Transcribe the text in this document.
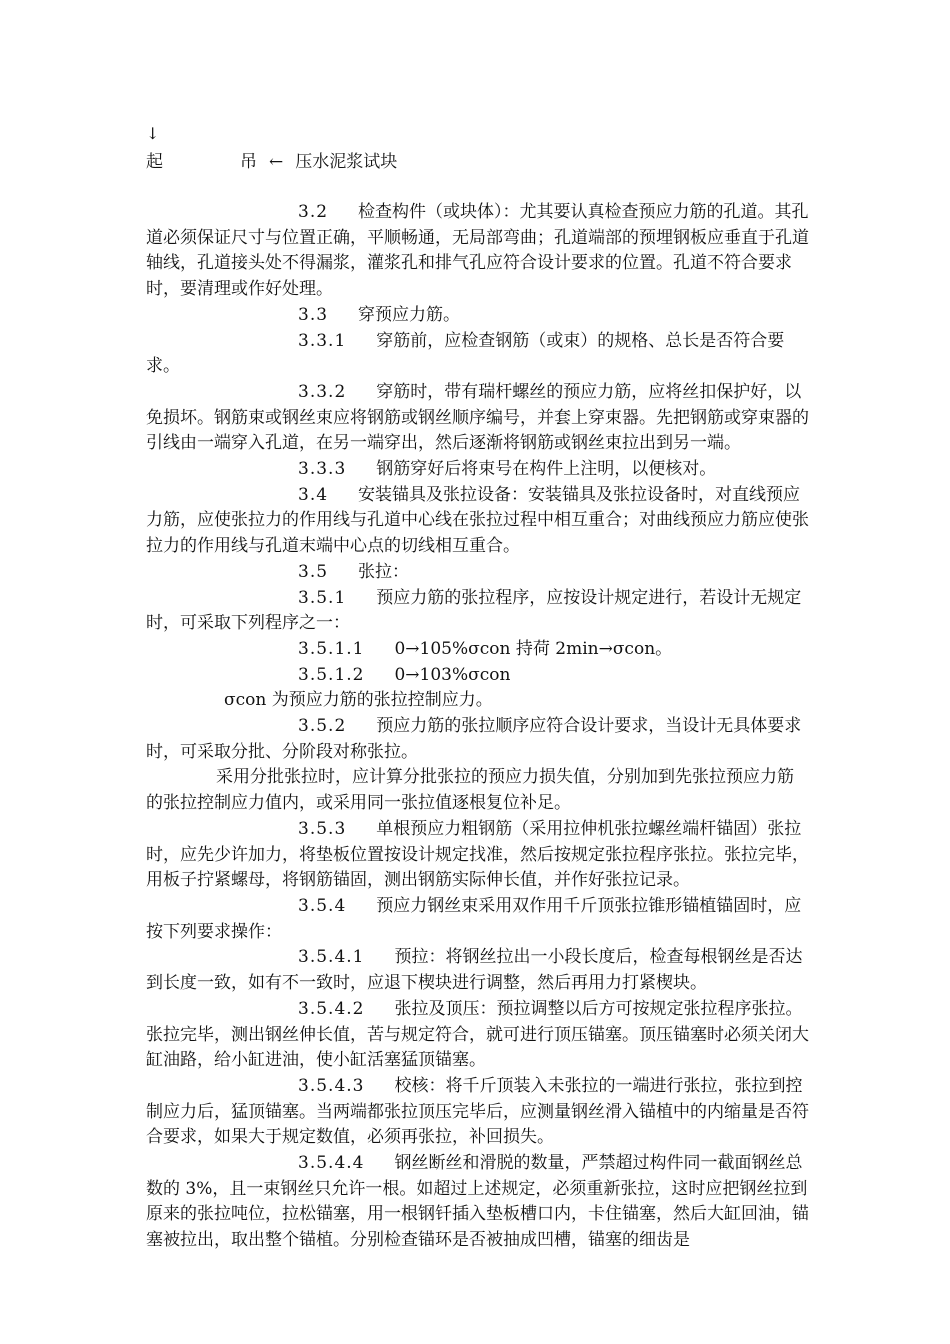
↓
起	吊 ← 压水泥浆试块

3.2 检查构件（或块体）：尤其要认真检查预应力筋的孔道。其孔道必须保证尺寸与位置正确，平顺畅通，无局部弯曲；孔道端部的预埋钢板应垂直于孔道轴线，孔道接头处不得漏浆，灌浆孔和排气孔应符合设计要求的位置。孔道不符合要求时，要清理或作好处理。

3.3 穿预应力筋。

3.3.1 穿筋前，应检查钢筋（或束）的规格、总长是否符合要求。

3.3.2 穿筋时，带有瑞杆螺丝的预应力筋，应将丝扣保护好，以免损坏。钢筋束或钢丝束应将钢筋或钢丝顺序编号，并套上穿束器。先把钢筋或穿束器的引线由一端穿入孔道，在另一端穿出，然后逐渐将钢筋或钢丝束拉出到另一端。

3.3.3 钢筋穿好后将束号在构件上注明，以便核对。

3.4 安装锚具及张拉设备：安装锚具及张拉设备时，对直线预应力筋，应使张拉力的作用线与孔道中心线在张拉过程中相互重合；对曲线预应力筋应使张拉力的作用线与孔道末端中心点的切线相互重合。

3.5 张拉：

3.5.1 预应力筋的张拉程序，应按设计规定进行，若设计无规定时，可采取下列程序之一：

3.5.1.1 0→105%σcon 持荷 2min→σcon。

3.5.1.2 0→103%σcon

σcon 为预应力筋的张拉控制应力。

3.5.2 预应力筋的张拉顺序应符合设计要求，当设计无具体要求时，可采取分批、分阶段对称张拉。

采用分批张拉时，应计算分批张拉的预应力损失值，分别加到先张拉预应力筋的张拉控制应力值内，或采用同一张拉值逐根复位补足。

3.5.3 单根预应力粗钢筋（采用拉伸机张拉螺丝端杆锚固）张拉时，应先少许加力，将垫板位置按设计规定找准，然后按规定张拉程序张拉。张拉完毕，用板子拧紧螺母，将钢筋锚固，测出钢筋实际伸长值，并作好张拉记录。

3.5.4 预应力钢丝束采用双作用千斤顶张拉锥形锚植锚固时，应按下列要求操作：

3.5.4.1 预拉：将钢丝拉出一小段长度后，检查每根钢丝是否达到长度一致，如有不一致时，应退下楔块进行调整，然后再用力打紧楔块。

3.5.4.2 张拉及顶压：预拉调整以后方可按规定张拉程序张拉。张拉完毕，测出钢丝伸长值，苦与规定符合，就可进行顶压锚塞。顶压锚塞时必须关闭大缸油路，给小缸进油，使小缸活塞猛顶锚塞。

3.5.4.3 校核：将千斤顶装入未张拉的一端进行张拉，张拉到控制应力后，猛顶锚塞。当两端都张拉顶压完毕后，应测量钢丝滑入锚植中的内缩量是否符合要求，如果大于规定数值，必须再张拉，补回损失。

3.5.4.4 钢丝断丝和滑脱的数量，严禁超过构件同一截面钢丝总数的 3%，且一束钢丝只允许一根。如超过上述规定，必须重新张拉，这时应把钢丝拉到原来的张拉吨位，拉松锚塞，用一根钢钎插入垫板槽口内，卡住锚塞，然后大缸回油，锚塞被拉出，取出整个锚植。分别检查锚环是否被抽成凹槽，锚塞的细齿是
